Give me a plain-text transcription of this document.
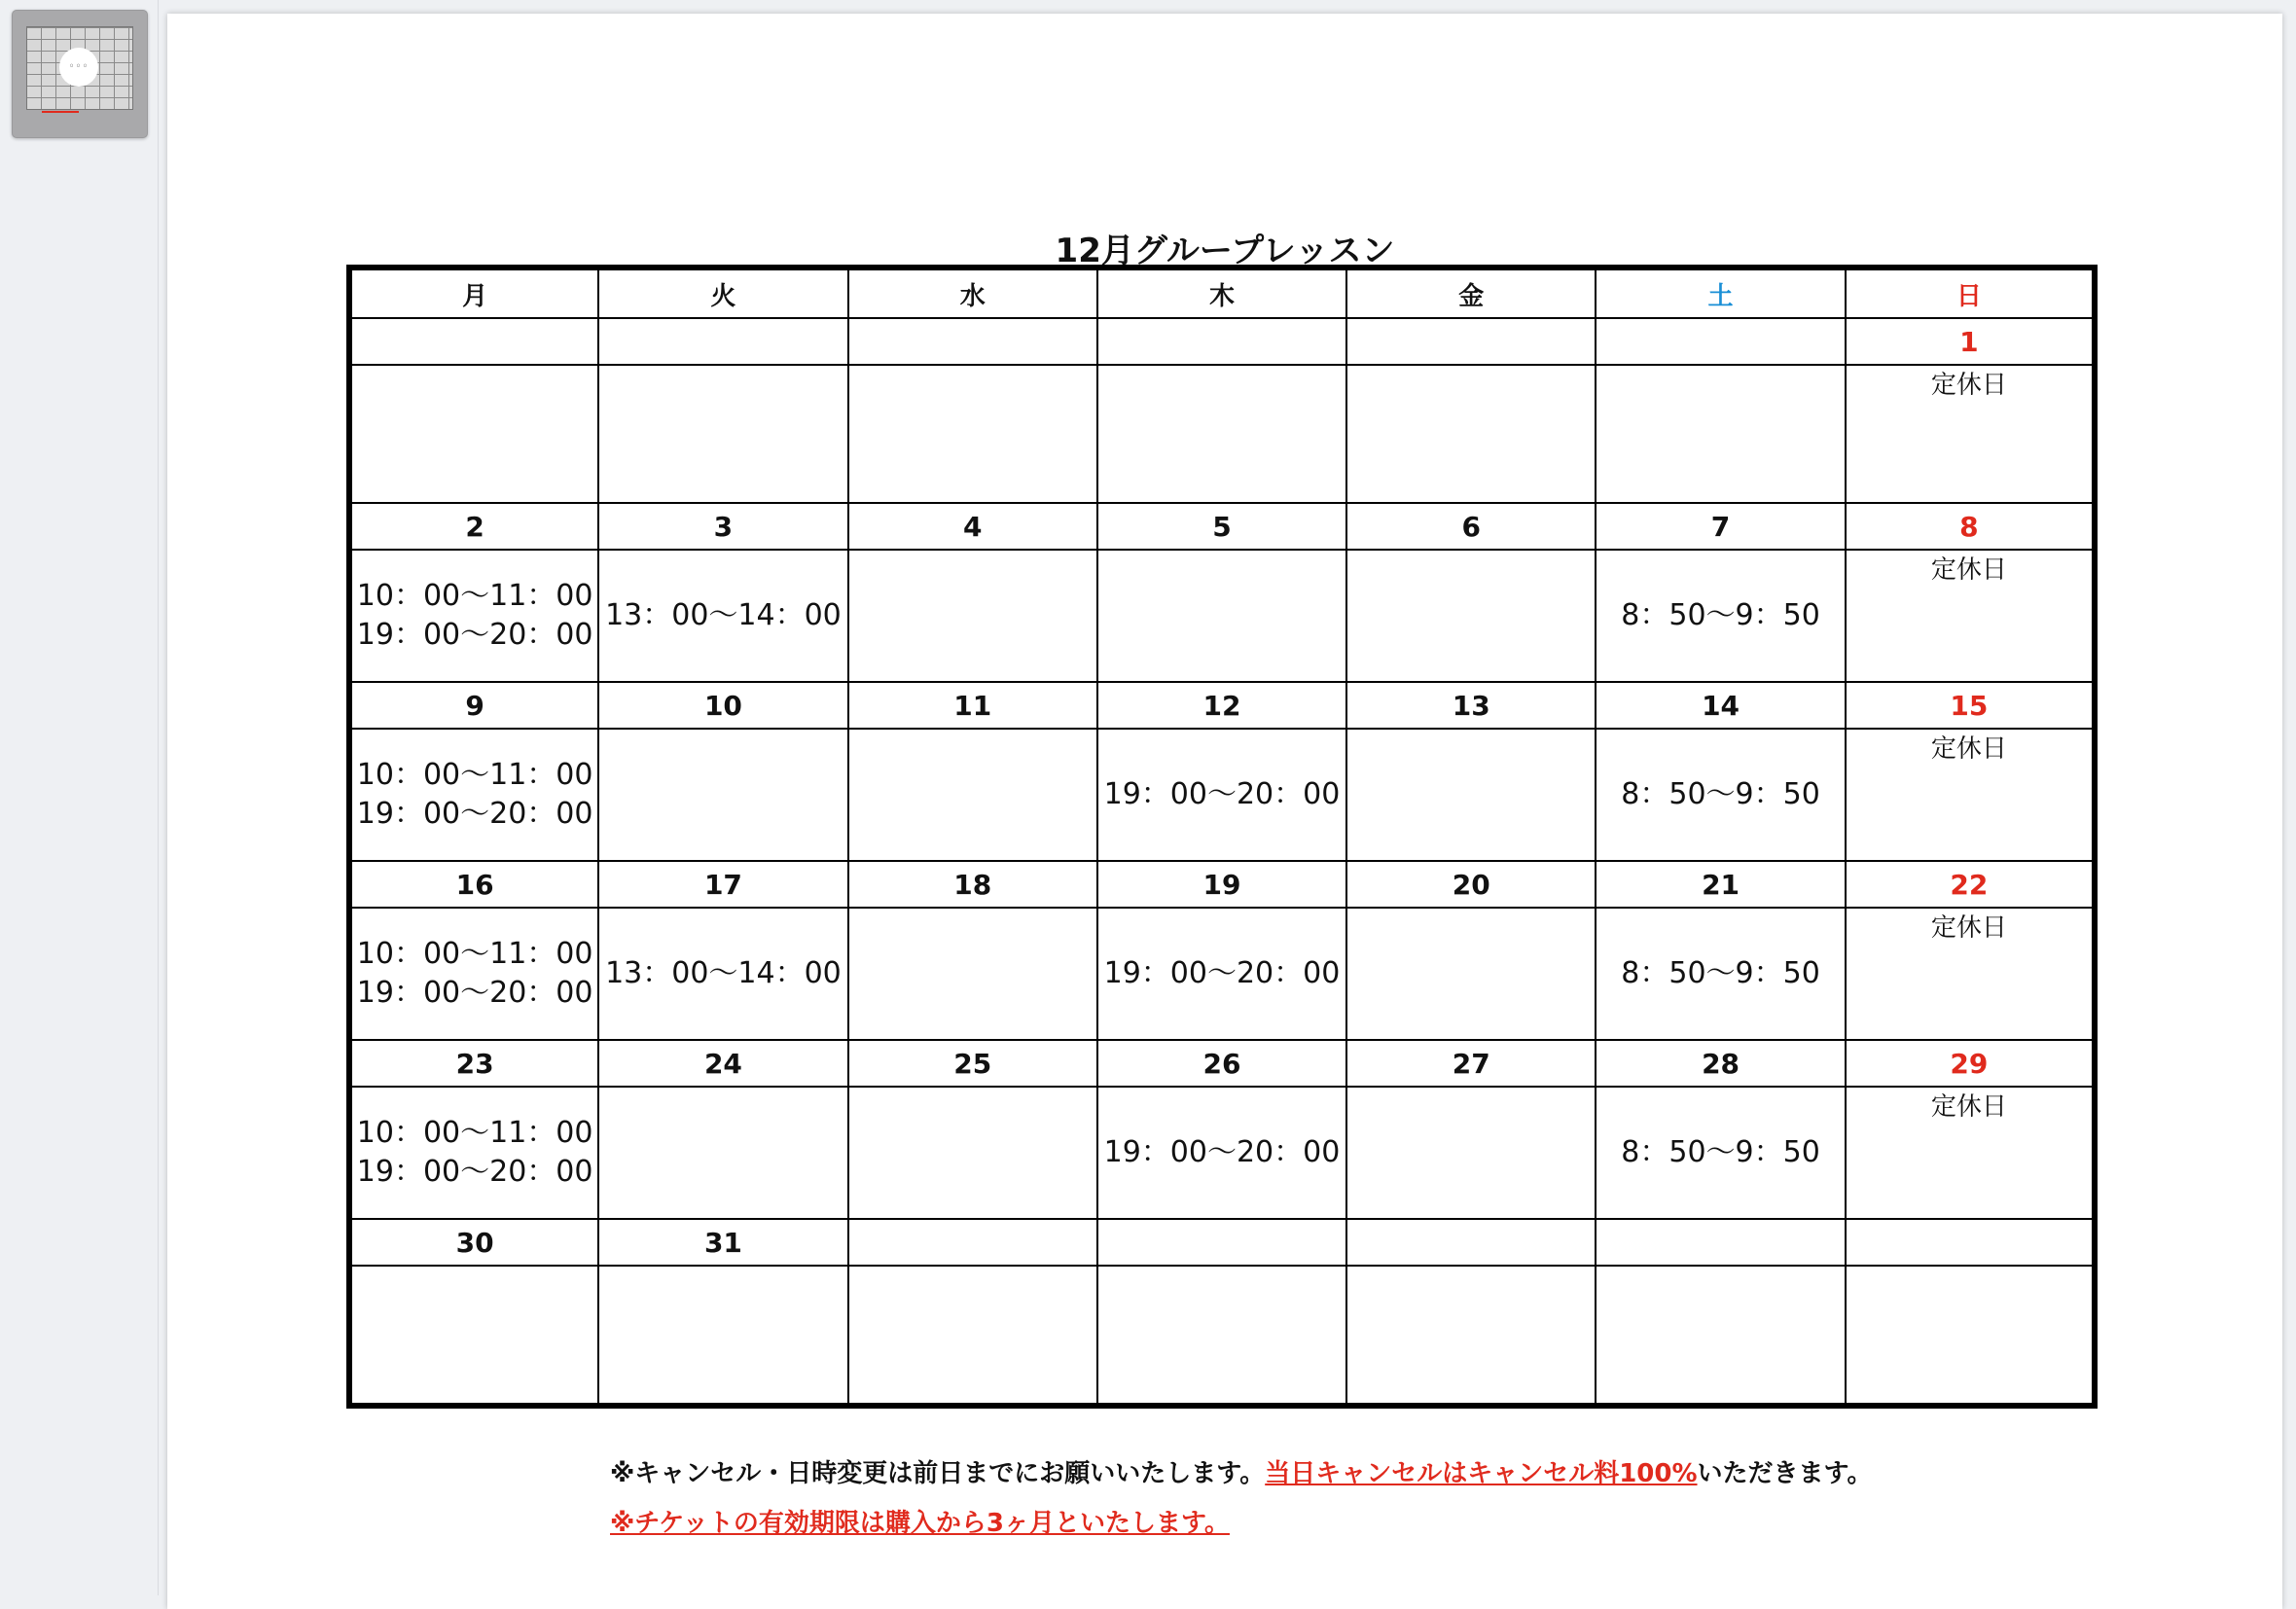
◦◦◦
12月グループレッスン
月	火	水	木	金	土	日
						1
						定休日
2	3	4	5	6	7	8
10：00〜11：00
19：00〜20：00	13：00〜14：00				8：50〜9：50	定休日
9	10	11	12	13	14	15
10：00〜11：00
19：00〜20：00			19：00〜20：00		8：50〜9：50	定休日
16	17	18	19	20	21	22
10：00〜11：00
19：00〜20：00	13：00〜14：00		19：00〜20：00		8：50〜9：50	定休日
23	24	25	26	27	28	29
10：00〜11：00
19：00〜20：00			19：00〜20：00		8：50〜9：50	定休日
30	31					

※キャンセル・日時変更は前日までにお願いいたします。当日キャンセルはキャンセル料100%いただきます。
※チケットの有効期限は購入から3ヶ月といたします。
